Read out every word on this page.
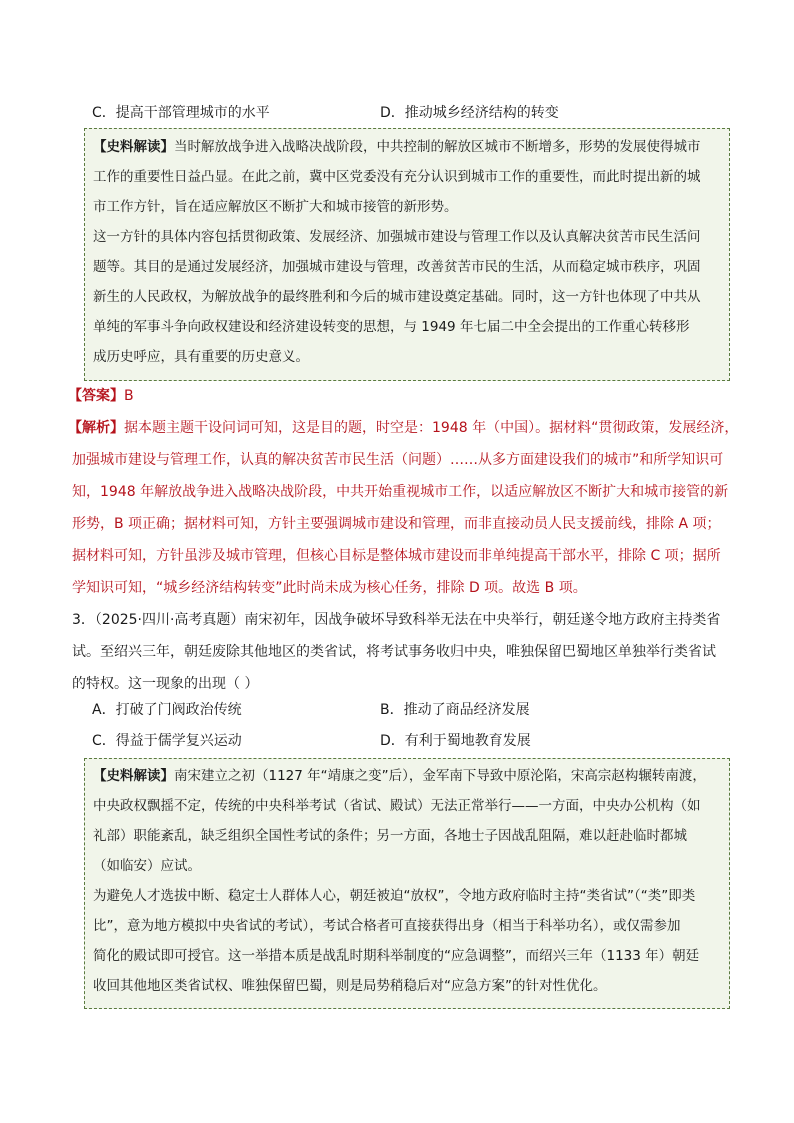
C．提高干部管理城市的水平	D．推动城乡经济结构的转变
【史料解读】当时解放战争进入战略决战阶段，中共控制的解放区城市不断增多，形势的发展使得城市
工作的重要性日益凸显。在此之前，冀中区党委没有充分认识到城市工作的重要性，而此时提出新的城
市工作方针，旨在适应解放区不断扩大和城市接管的新形势。
这一方针的具体内容包括贯彻政策、发展经济、加强城市建设与管理工作以及认真解决贫苦市民生活问
题等。其目的是通过发展经济，加强城市建设与管理，改善贫苦市民的生活，从而稳定城市秩序，巩固
新生的人民政权，为解放战争的最终胜利和今后的城市建设奠定基础。同时，这一方针也体现了中共从
单纯的军事斗争向政权建设和经济建设转变的思想，与 1949 年七届二中全会提出的工作重心转移形
成历史呼应，具有重要的历史意义。
【答案】B
【解析】据本题主题干设问词可知，这是目的题，时空是：1948 年（中国）。据材料“贯彻政策，发展经济，
加强城市建设与管理工作，认真的解决贫苦市民生活（问题）……从多方面建设我们的城市”和所学知识可
知，1948 年解放战争进入战略决战阶段，中共开始重视城市工作，以适应解放区不断扩大和城市接管的新
形势，B 项正确；据材料可知，方针主要强调城市建设和管理，而非直接动员人民支援前线，排除 A 项；
据材料可知，方针虽涉及城市管理，但核心目标是整体城市建设而非单纯提高干部水平，排除 C 项；据所
学知识可知，“城乡经济结构转变”此时尚未成为核心任务，排除 D 项。故选 B 项。
3．（2025·四川·高考真题）南宋初年，因战争破坏导致科举无法在中央举行，朝廷遂令地方政府主持类省
试。至绍兴三年，朝廷废除其他地区的类省试，将考试事务收归中央，唯独保留巴蜀地区单独举行类省试
的特权。这一现象的出现（ ）
A．打破了门阀政治传统	B．推动了商品经济发展
C．得益于儒学复兴运动	D．有利于蜀地教育发展
【史料解读】南宋建立之初（1127 年“靖康之变”后），金军南下导致中原沦陷，宋高宗赵构辗转南渡，
中央政权飘摇不定，传统的中央科举考试（省试、殿试）无法正常举行——一方面，中央办公机构（如
礼部）职能紊乱，缺乏组织全国性考试的条件；另一方面，各地士子因战乱阻隔，难以赶赴临时都城
（如临安）应试。
为避免人才选拔中断、稳定士人群体人心，朝廷被迫“放权”，令地方政府临时主持“类省试”（“类”即类
比”，意为地方模拟中央省试的考试），考试合格者可直接获得出身（相当于科举功名），或仅需参加
简化的殿试即可授官。这一举措本质是战乱时期科举制度的“应急调整”，而绍兴三年（1133 年）朝廷
收回其他地区类省试权、唯独保留巴蜀，则是局势稍稳后对“应急方案”的针对性优化。
